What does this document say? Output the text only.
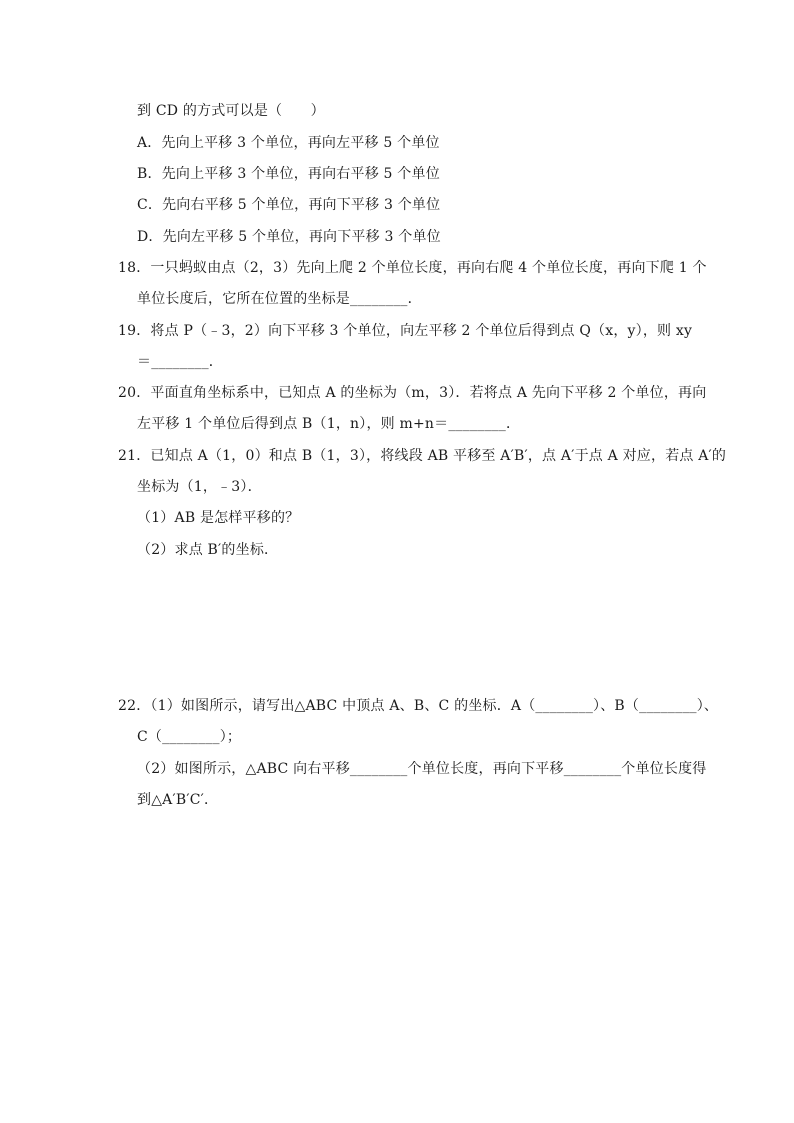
到 CD 的方式可以是（　　）
A．先向上平移 3 个单位，再向左平移 5 个单位
B．先向上平移 3 个单位，再向右平移 5 个单位
C．先向右平移 5 个单位，再向下平移 3 个单位
D．先向左平移 5 个单位，再向下平移 3 个单位
18．一只蚂蚁由点（2，3）先向上爬 2 个单位长度，再向右爬 4 个单位长度，再向下爬 1 个
单位长度后，它所在位置的坐标是________．
19．将点 P（﹣3，2）向下平移 3 个单位，向左平移 2 个单位后得到点 Q（x，y），则 xy
＝________．
20．平面直角坐标系中，已知点 A 的坐标为（m，3）．若将点 A 先向下平移 2 个单位，再向
左平移 1 个单位后得到点 B（1，n），则 m+n＝________．
21．已知点 A（1，0）和点 B（1，3），将线段 AB 平移至 A′B′，点 A′于点 A 对应，若点 A′的
坐标为（1，﹣3）．
（1）AB 是怎样平移的？
（2）求点 B′的坐标．
22．（1）如图所示，请写出△ABC 中顶点 A、B、C 的坐标．A（________）、B（________）、
C（________）；
（2）如图所示，△ABC 向右平移________个单位长度，再向下平移________个单位长度得
到△A′B′C′．
